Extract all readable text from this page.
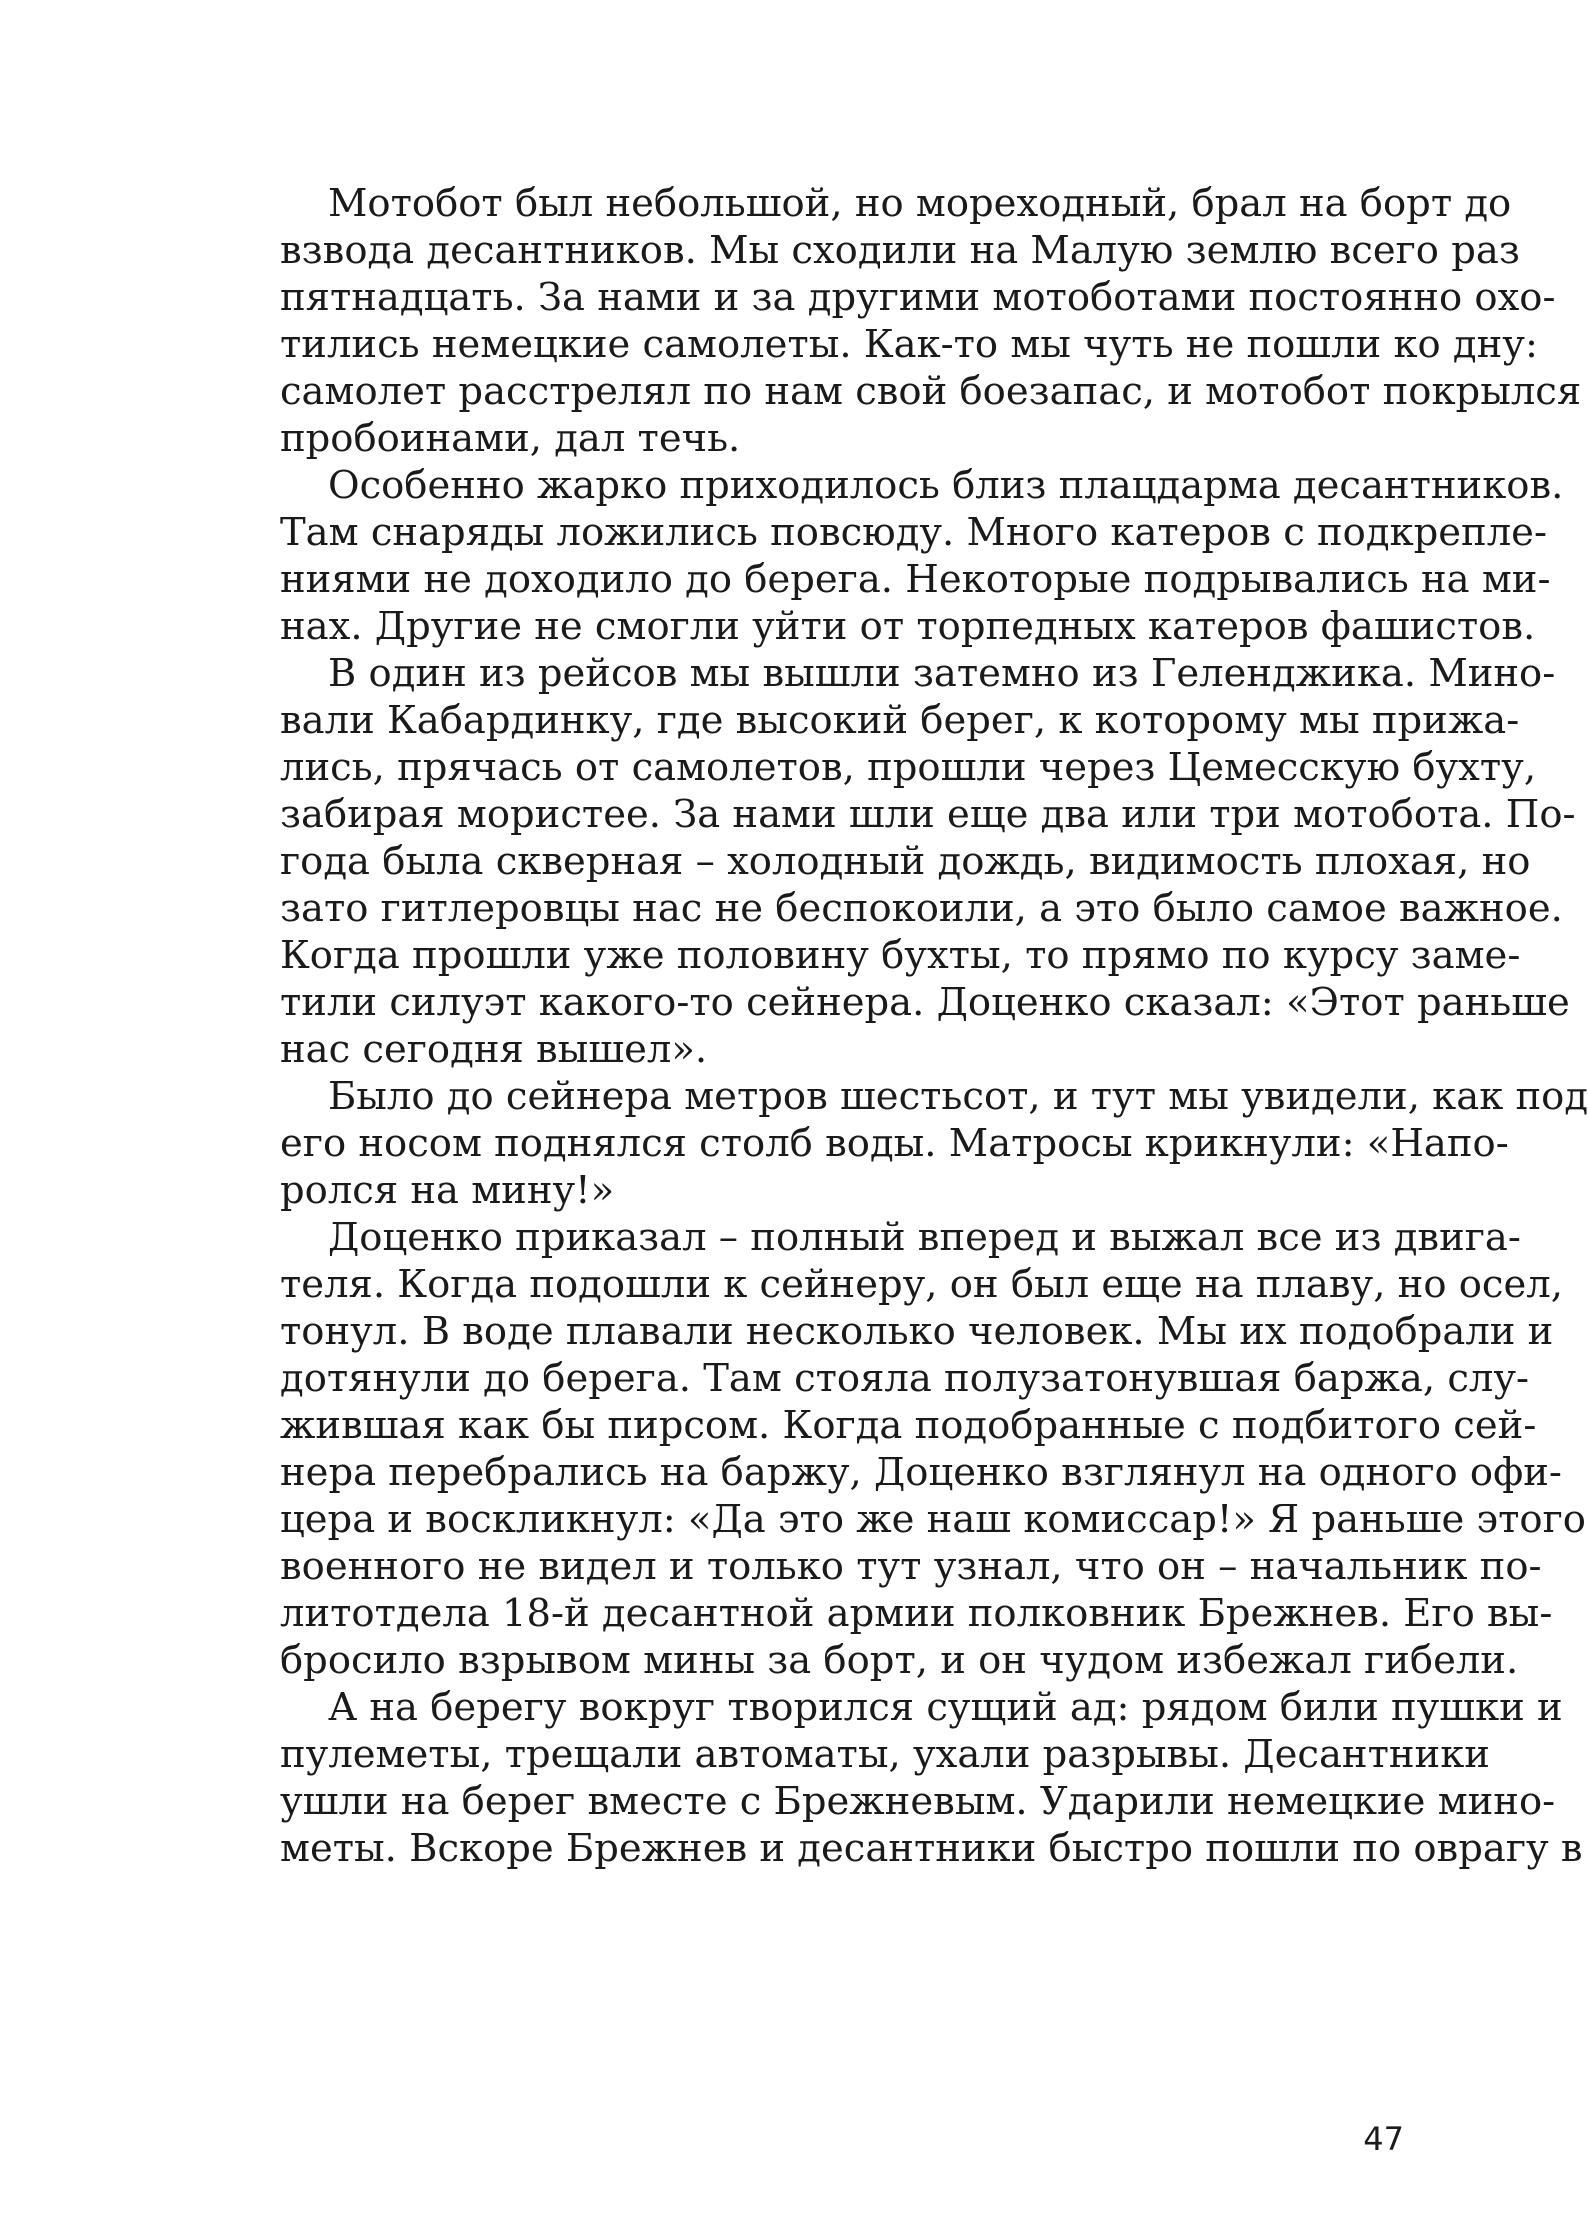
Мотобот был небольшой, но мореходный, брал на борт до
взвода десантников. Мы сходили на Малую землю всего раз
пятнадцать. За нами и за другими мотоботами постоянно охо-
тились немецкие самолеты. Как-то мы чуть не пошли ко дну:
самолет расстрелял по нам свой боезапас, и мотобот покрылся
пробоинами, дал течь.
Особенно жарко приходилось близ плацдарма десантников.
Там снаряды ложились повсюду. Много катеров с подкрепле-
ниями не доходило до берега. Некоторые подрывались на ми-
нах. Другие не смогли уйти от торпедных катеров фашистов.
В один из рейсов мы вышли затемно из Геленджика. Мино-
вали Кабардинку, где высокий берег, к которому мы прижа-
лись, прячась от самолетов, прошли через Цемесскую бухту,
забирая мористее. За нами шли еще два или три мотобота. По-
года была скверная – холодный дождь, видимость плохая, но
зато гитлеровцы нас не беспокоили, а это было самое важное.
Когда прошли уже половину бухты, то прямо по курсу заме-
тили силуэт какого-то сейнера. Доценко сказал: «Этот раньше
нас сегодня вышел».
Было до сейнера метров шестьсот, и тут мы увидели, как под
его носом поднялся столб воды. Матросы крикнули: «Напо-
ролся на мину!»
Доценко приказал – полный вперед и выжал все из двига-
теля. Когда подошли к сейнеру, он был еще на плаву, но осел,
тонул. В воде плавали несколько человек. Мы их подобрали и
дотянули до берега. Там стояла полузатонувшая баржа, слу-
жившая как бы пирсом. Когда подобранные с подбитого сей-
нера перебрались на баржу, Доценко взглянул на одного офи-
цера и воскликнул: «Да это же наш комиссар!» Я раньше этого
военного не видел и только тут узнал, что он – начальник по-
литотдела 18-й десантной армии полковник Брежнев. Его вы-
бросило взрывом мины за борт, и он чудом избежал гибели.
А на берегу вокруг творился сущий ад: рядом били пушки и
пулеметы, трещали автоматы, ухали разрывы. Десантники
ушли на берег вместе с Брежневым. Ударили немецкие мино-
меты. Вскоре Брежнев и десантники быстро пошли по оврагу в
47
